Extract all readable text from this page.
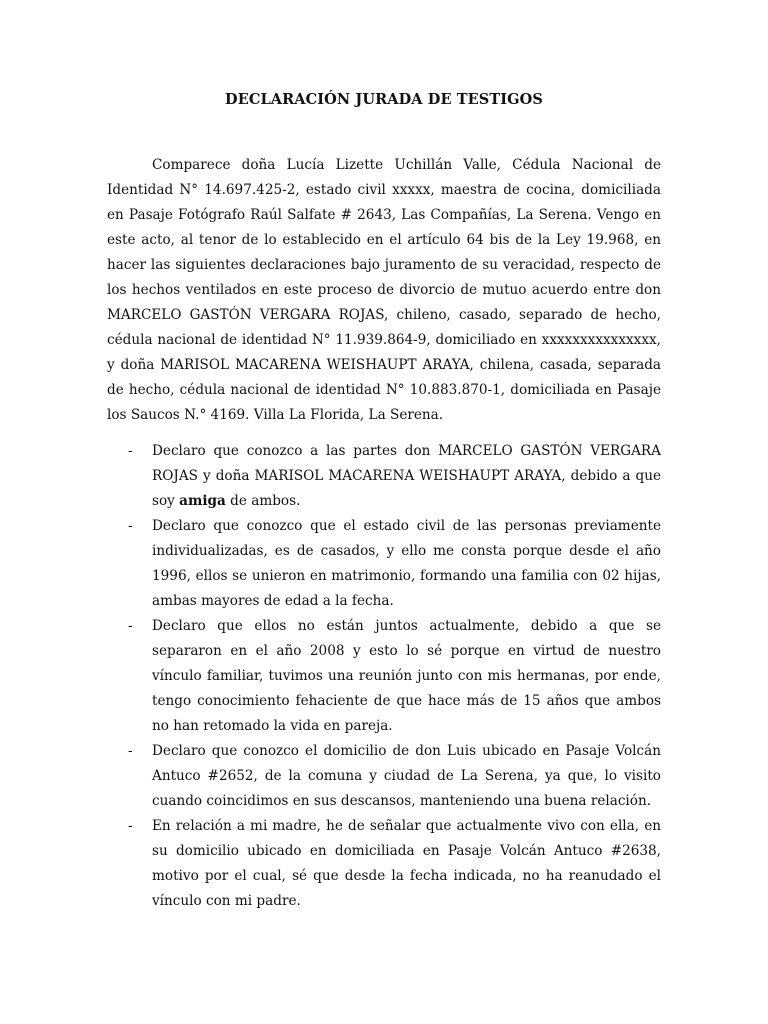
DECLARACIÓN JURADA DE TESTIGOS

Comparece doña Lucía Lizette Uchillán Valle, Cédula Nacional de Identidad N° 14.697.425-2, estado civil xxxxx, maestra de cocina, domiciliada en Pasaje Fotógrafo Raúl Salfate # 2643, Las Compañías, La Serena. Vengo en este acto, al tenor de lo establecido en el artículo 64 bis de la Ley 19.968, en hacer las siguientes declaraciones bajo juramento de su veracidad, respecto de los hechos ventilados en este proceso de divorcio de mutuo acuerdo entre don MARCELO GASTÓN VERGARA ROJAS, chileno, casado, separado de hecho, cédula nacional de identidad N° 11.939.864-9, domiciliado en xxxxxxxxxxxxxxx, y doña MARISOL MACARENA WEISHAUPT ARAYA, chilena, casada, separada de hecho, cédula nacional de identidad N° 10.883.870-1, domiciliada en Pasaje los Saucos N.° 4169. Villa La Florida, La Serena.

- Declaro que conozco a las partes don MARCELO GASTÓN VERGARA ROJAS y doña MARISOL MACARENA WEISHAUPT ARAYA, debido a que soy amiga de ambos.
- Declaro que conozco que el estado civil de las personas previamente individualizadas, es de casados, y ello me consta porque desde el año 1996, ellos se unieron en matrimonio, formando una familia con 02 hijas, ambas mayores de edad a la fecha.
- Declaro que ellos no están juntos actualmente, debido a que se separaron en el año 2008 y esto lo sé porque en virtud de nuestro vínculo familiar, tuvimos una reunión junto con mis hermanas, por ende, tengo conocimiento fehaciente de que hace más de 15 años que ambos no han retomado la vida en pareja.
- Declaro que conozco el domicilio de don Luis ubicado en Pasaje Volcán Antuco #2652, de la comuna y ciudad de La Serena, ya que, lo visito cuando coincidimos en sus descansos, manteniendo una buena relación.
- En relación a mi madre, he de señalar que actualmente vivo con ella, en su domicilio ubicado en domiciliada en Pasaje Volcán Antuco #2638, motivo por el cual, sé que desde la fecha indicada, no ha reanudado el vínculo con mi padre.
